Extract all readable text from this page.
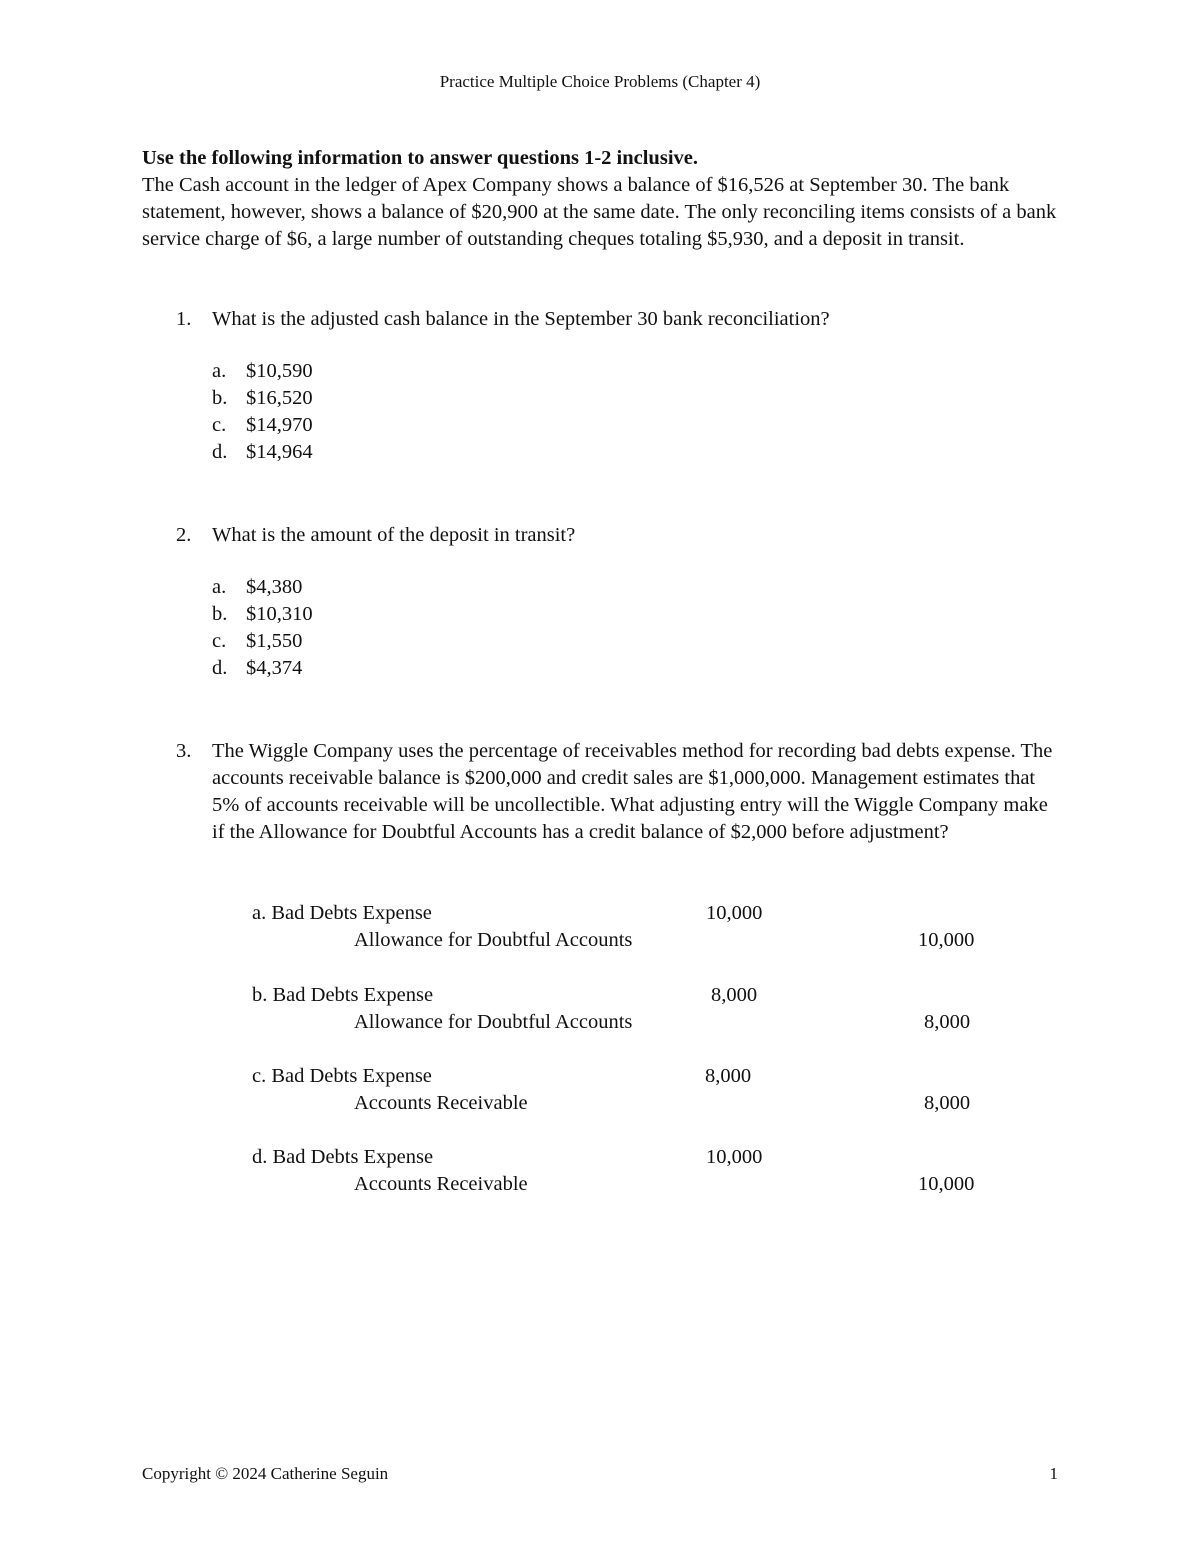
Practice Multiple Choice Problems (Chapter 4)
Use the following information to answer questions 1-2 inclusive.
The Cash account in the ledger of Apex Company shows a balance of $16,526 at September 30. The bank statement, however, shows a balance of $20,900 at the same date. The only reconciling items consists of a bank service charge of $6, a large number of outstanding cheques totaling $5,930, and a deposit in transit.
1. What is the adjusted cash balance in the September 30 bank reconciliation?
a. $10,590
b. $16,520
c. $14,970
d. $14,964
2. What is the amount of the deposit in transit?
a. $4,380
b. $10,310
c. $1,550
d. $4,374
3. The Wiggle Company uses the percentage of receivables method for recording bad debts expense. The accounts receivable balance is $200,000 and credit sales are $1,000,000. Management estimates that 5% of accounts receivable will be uncollectible. What adjusting entry will the Wiggle Company make if the Allowance for Doubtful Accounts has a credit balance of $2,000 before adjustment?
a. Bad Debts Expense	10,000
Allowance for Doubtful Accounts	10,000
b. Bad Debts Expense	8,000
Allowance for Doubtful Accounts	8,000
c. Bad Debts Expense	8,000
Accounts Receivable	8,000
d. Bad Debts Expense	10,000
Accounts Receivable	10,000
Copyright © 2024 Catherine Seguin	1
